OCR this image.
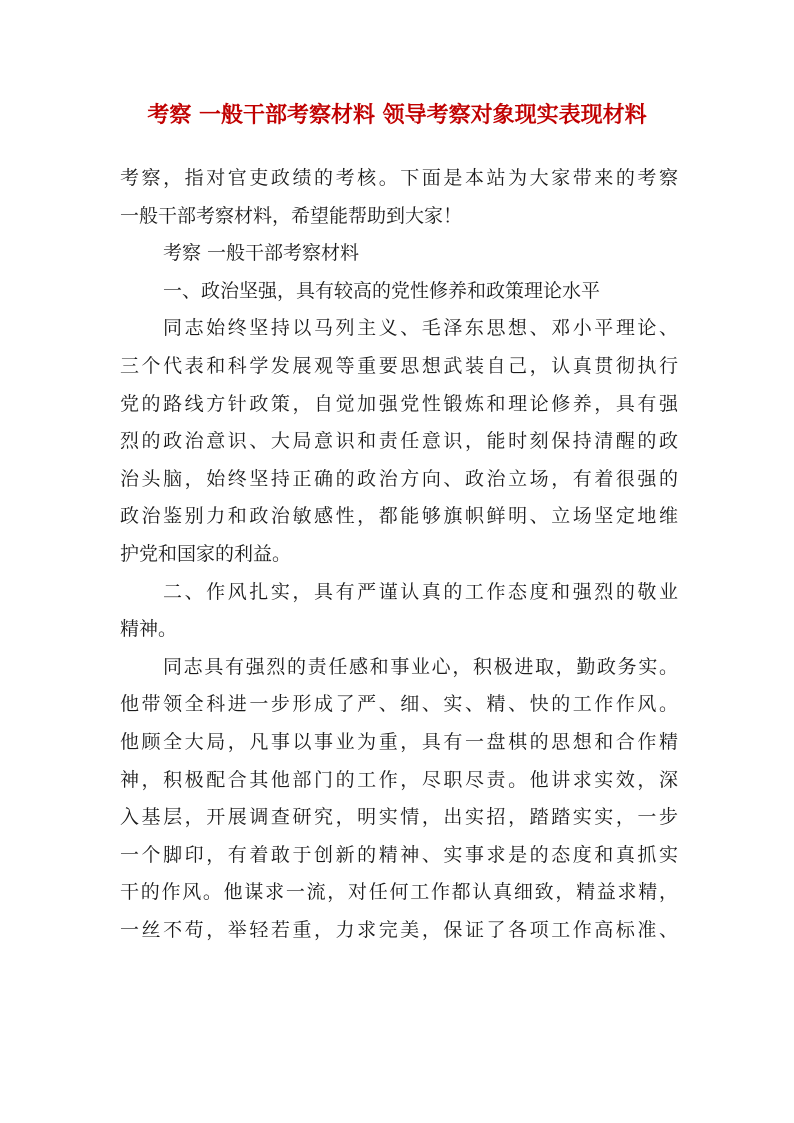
考察 一般干部考察材料 领导考察对象现实表现材料
考察，指对官吏政绩的考核。下面是本站为大家带来的考察
一般干部考察材料，希望能帮助到大家！
考察 一般干部考察材料
一、政治坚强，具有较高的党性修养和政策理论水平
同志始终坚持以马列主义、毛泽东思想、邓小平理论、
三个代表和科学发展观等重要思想武装自己，认真贯彻执行
党的路线方针政策，自觉加强党性锻炼和理论修养，具有强
烈的政治意识、大局意识和责任意识，能时刻保持清醒的政
治头脑，始终坚持正确的政治方向、政治立场，有着很强的
政治鉴别力和政治敏感性，都能够旗帜鲜明、立场坚定地维
护党和国家的利益。
二、作风扎实，具有严谨认真的工作态度和强烈的敬业
精神。
同志具有强烈的责任感和事业心，积极进取，勤政务实。
他带领全科进一步形成了严、细、实、精、快的工作作风。
他顾全大局，凡事以事业为重，具有一盘棋的思想和合作精
神，积极配合其他部门的工作，尽职尽责。他讲求实效，深
入基层，开展调查研究，明实情，出实招，踏踏实实，一步
一个脚印，有着敢于创新的精神、实事求是的态度和真抓实
干的作风。他谋求一流，对任何工作都认真细致，精益求精，
一丝不苟，举轻若重，力求完美，保证了各项工作高标准、
